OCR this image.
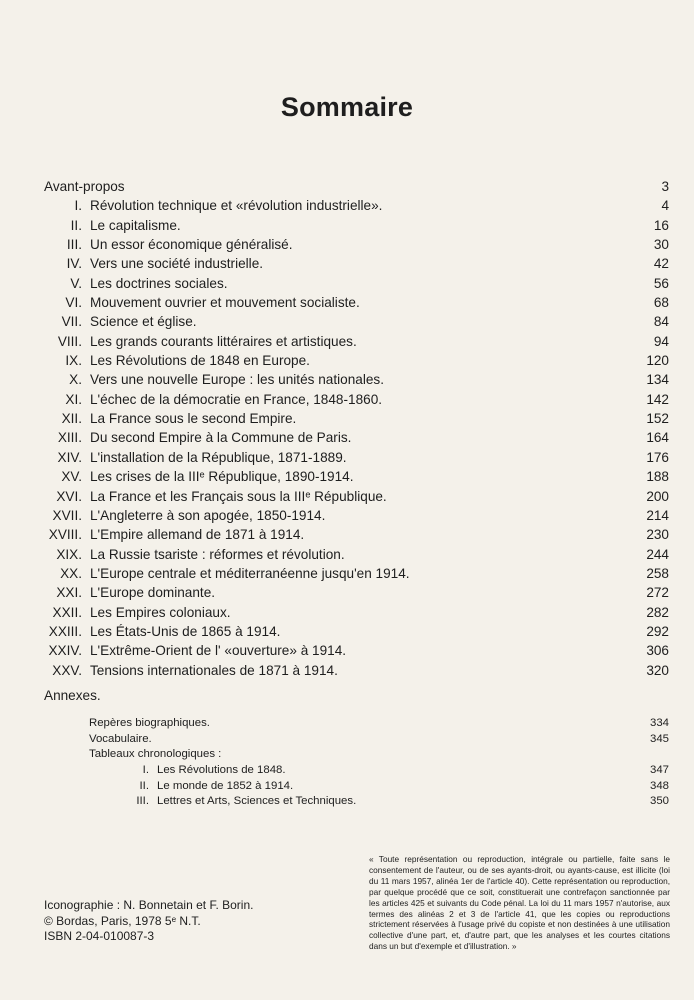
Sommaire
Avant-propos	3
I. Révolution technique et «révolution industrielle».	4
II. Le capitalisme.	16
III. Un essor économique généralisé.	30
IV. Vers une société industrielle.	42
V. Les doctrines sociales.	56
VI. Mouvement ouvrier et mouvement socialiste.	68
VII. Science et église.	84
VIII. Les grands courants littéraires et artistiques.	94
IX. Les Révolutions de 1848 en Europe.	120
X. Vers une nouvelle Europe : les unités nationales.	134
XI. L'échec de la démocratie en France, 1848-1860.	142
XII. La France sous le second Empire.	152
XIII. Du second Empire à la Commune de Paris.	164
XIV. L'installation de la République, 1871-1889.	176
XV. Les crises de la IIIᵉ République, 1890-1914.	188
XVI. La France et les Français sous la IIIᵉ République.	200
XVII. L'Angleterre à son apogée, 1850-1914.	214
XVIII. L'Empire allemand de 1871 à 1914.	230
XIX. La Russie tsariste : réformes et révolution.	244
XX. L'Europe centrale et méditerranéenne jusqu'en 1914.	258
XXI. L'Europe dominante.	272
XXII. Les Empires coloniaux.	282
XXIII. Les États-Unis de 1865 à 1914.	292
XXIV. L'Extrême-Orient de l' «ouverture» à 1914.	306
XXV. Tensions internationales de 1871 à 1914.	320
Annexes.
Repères biographiques.	334
Vocabulaire.	345
Tableaux chronologiques :
I. Les Révolutions de 1848.	347
II. Le monde de 1852 à 1914.	348
III. Lettres et Arts, Sciences et Techniques.	350
« Toute représentation ou reproduction, intégrale ou partielle, faite sans le consentement de l'auteur, ou de ses ayants-droit, ou ayants-cause, est illicite (loi du 11 mars 1957, alinéa 1er de l'article 40). Cette représentation ou reproduction, par quelque procédé que ce soit, constituerait une contrefaçon sanctionnée par les articles 425 et suivants du Code pénal. La loi du 11 mars 1957 n'autorise, aux termes des alinéas 2 et 3 de l'article 41, que les copies ou reproductions strictement réservées à l'usage privé du copiste et non destinées à une utilisation collective d'une part, et, d'autre part, que les analyses et les courtes citations dans un but d'exemple et d'illustration. »
Iconographie : N. Bonnetain et F. Borin.
© Bordas, Paris, 1978 5ᵉ N.T.
ISBN 2-04-010087-3
